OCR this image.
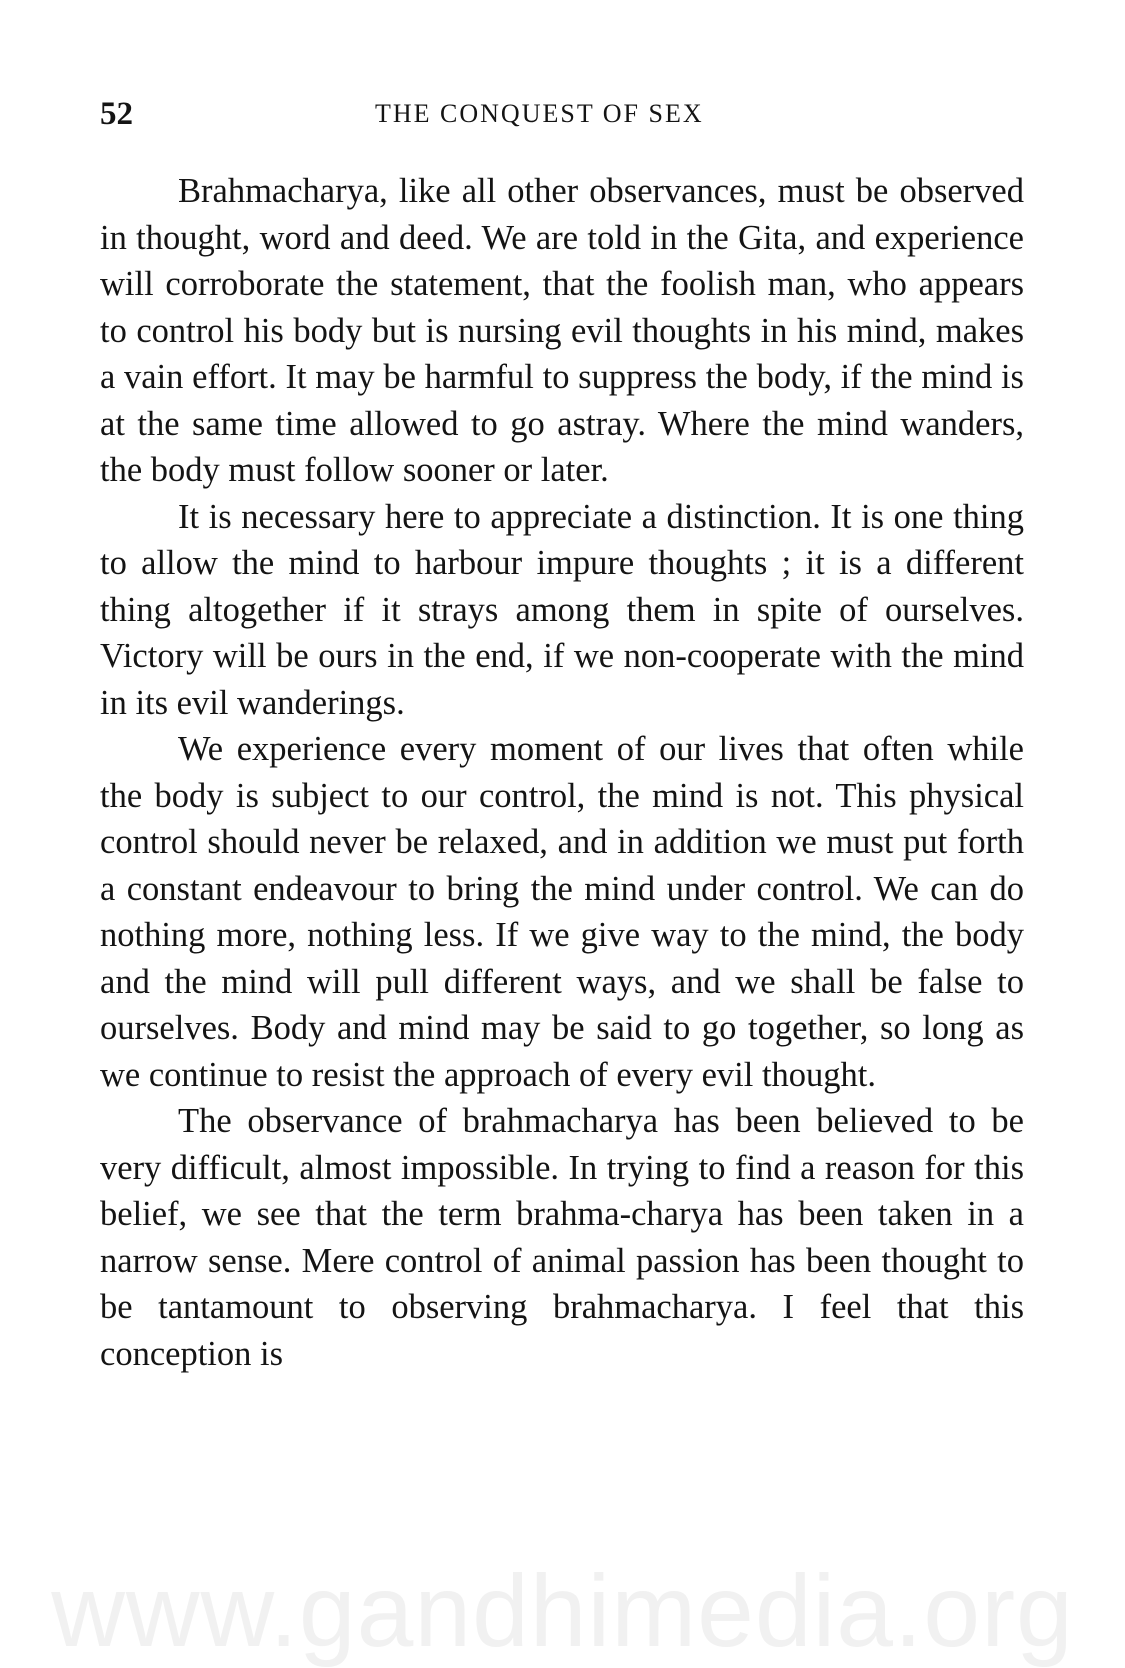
52	THE CONQUEST OF SEX

Brahmacharya, like all other observances, must be observed in thought, word and deed. We are told in the Gita, and experience will corroborate the statement, that the foolish man, who appears to control his body but is nursing evil thoughts in his mind, makes a vain effort. It may be harmful to suppress the body, if the mind is at the same time allowed to go astray. Where the mind wanders, the body must follow sooner or later.

It is necessary here to appreciate a distinction. It is one thing to allow the mind to harbour impure thoughts ; it is a different thing altogether if it strays among them in spite of ourselves. Victory will be ours in the end, if we non-cooperate with the mind in its evil wanderings.

We experience every moment of our lives that often while the body is subject to our control, the mind is not. This physical control should never be relaxed, and in addition we must put forth a constant endeavour to bring the mind under control. We can do nothing more, nothing less. If we give way to the mind, the body and the mind will pull different ways, and we shall be false to ourselves. Body and mind may be said to go together, so long as we continue to resist the approach of every evil thought.

The observance of brahmacharya has been believed to be very difficult, almost impossible. In trying to find a reason for this belief, we see that the term brahma-charya has been taken in a narrow sense. Mere control of animal passion has been thought to be tantamount to observing brahmacharya. I feel that this conception is

www.gandhimedia.org
